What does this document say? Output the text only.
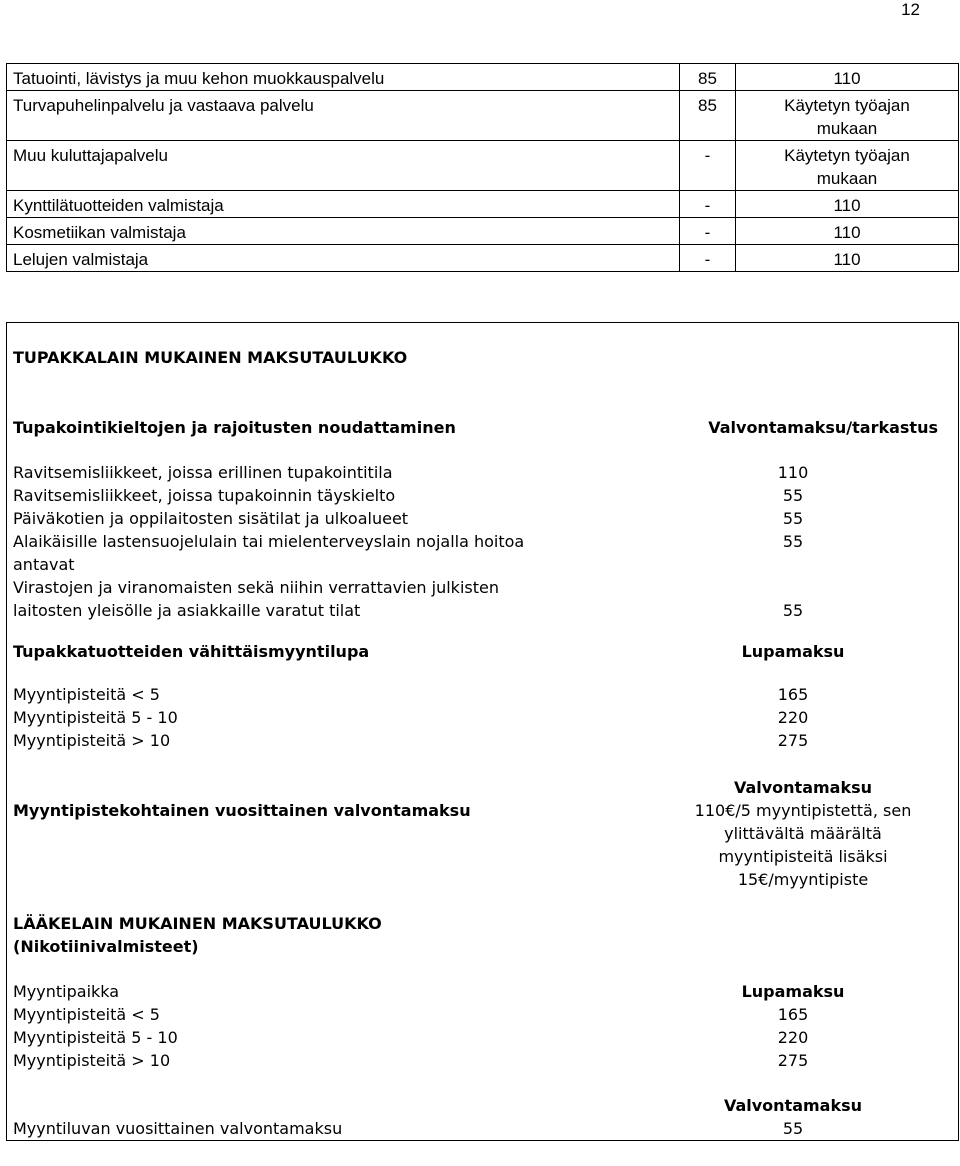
12
Tatuointi, lävistys ja muu kehon muokkauspalvelu	85	110
Turvapuhelinpalvelu ja vastaava palvelu	85	Käytetyn työajan mukaan
Muu kuluttajapalvelu	-	Käytetyn työajan mukaan
Kynttilätuotteiden valmistaja	-	110
Kosmetiikan valmistaja	-	110
Lelujen valmistaja	-	110
TUPAKKALAIN MUKAINEN MAKSUTAULUKKO
Tupakointikieltojen ja rajoitusten noudattaminen	Valvontamaksu/tarkastus
Ravitsemisliikkeet, joissa erillinen tupakointitila	110
Ravitsemisliikkeet, joissa tupakoinnin täyskielto	55
Päiväkotien ja oppilaitosten sisätilat ja ulkoalueet	55
Alaikäisille lastensuojelulain tai mielenterveyslain nojalla hoitoa	55
antavat
Virastojen ja viranomaisten sekä niihin verrattavien julkisten
laitosten yleisölle ja asiakkaille varatut tilat	55
Tupakkatuotteiden vähittäismyyntilupa	Lupamaksu
Myyntipisteitä < 5	165
Myyntipisteitä 5 - 10	220
Myyntipisteitä > 10	275
Valvontamaksu
Myyntipistekohtainen vuosittainen valvontamaksu	110€/5 myyntipistettä, sen
ylittävältä määrältä
myyntipisteitä lisäksi
15€/myyntipiste
LÄÄKELAIN MUKAINEN MAKSUTAULUKKO
(Nikotiinivalmisteet)
Myyntipaikka	Lupamaksu
Myyntipisteitä < 5	165
Myyntipisteitä 5 - 10	220
Myyntipisteitä > 10	275
Valvontamaksu
Myyntiluvan vuosittainen valvontamaksu	55
